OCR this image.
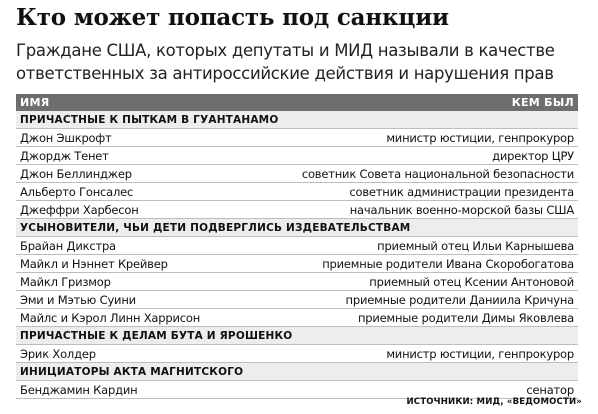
Кто может попасть под санкции
Граждане США, которых депутаты и МИД называли в качестве ответственных за антироссийские действия и нарушения прав
ИМЯ	КЕМ БЫЛ
ПРИЧАСТНЫЕ К ПЫТКАМ В ГУАНТАНАМО
Джон Эшкрофт	министр юстиции, генпрокурор
Джордж Тенет	директор ЦРУ
Джон Беллинджер	советник Совета национальной безопасности
Альберто Гонсалес	советник администрации президента
Джеффри Харбесон	начальник военно-морской базы США
УСЫНОВИТЕЛИ, ЧЬИ ДЕТИ ПОДВЕРГЛИСЬ ИЗДЕВАТЕЛЬСТВАМ
Брайан Дикстра	приемный отец Ильи Карнышева
Майкл и Нэннет Крейвер	приемные родители Ивана Скоробогатова
Майкл Гризмор	приемный отец Ксении Антоновой
Эми и Мэтью Суини	приемные родители Даниила Кричуна
Майлс и Кэрол Линн Харрисон	приемные родители Димы Яковлева
ПРИЧАСТНЫЕ К ДЕЛАМ БУТА И ЯРОШЕНКО
Эрик Холдер	министр юстиции, генпрокурор
ИНИЦИАТОРЫ АКТА МАГНИТСКОГО
Бенджамин Кардин	сенатор
ИСТОЧНИКИ: МИД, «ВЕДОМОСТИ»
